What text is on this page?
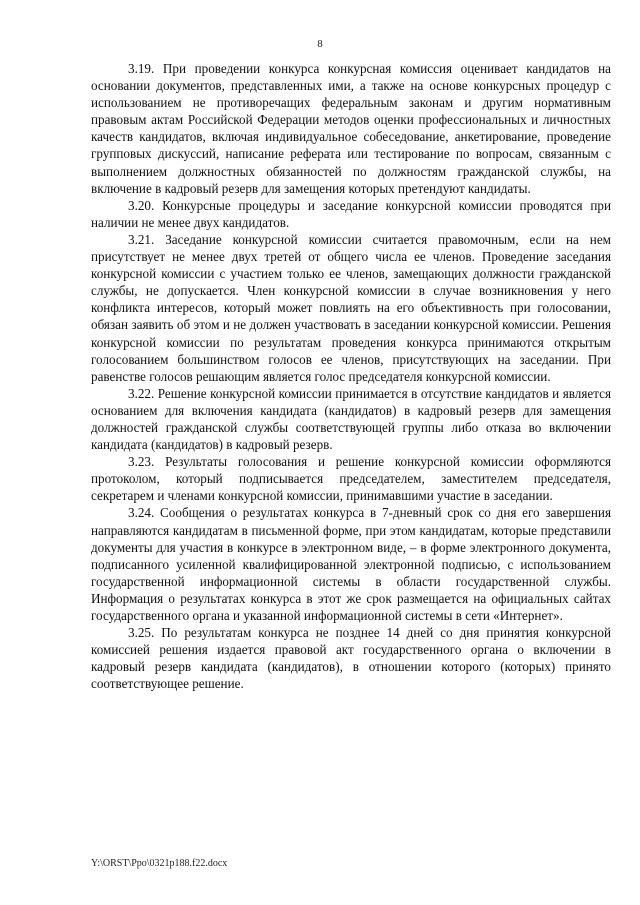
8

3.19. При проведении конкурса конкурсная комиссия оценивает кандидатов на основании документов, представленных ими, а также на основе конкурсных процедур с использованием не противоречащих федеральным законам и другим нормативным правовым актам Российской Федерации методов оценки профессиональных и личностных качеств кандидатов, включая индивидуальное собеседование, анкетирование, проведение групповых дискуссий, написание реферата или тестирование по вопросам, связанным с выполнением должностных обязанностей по должностям гражданской службы, на включение в кадровый резерв для замещения которых претендуют кандидаты.

3.20. Конкурсные процедуры и заседание конкурсной комиссии проводятся при наличии не менее двух кандидатов.

3.21. Заседание конкурсной комиссии считается правомочным, если на нем присутствует не менее двух третей от общего числа ее членов. Проведение заседания конкурсной комиссии с участием только ее членов, замещающих должности гражданской службы, не допускается. Член конкурсной комиссии в случае возникновения у него конфликта интересов, который может повлиять на его объективность при голосовании, обязан заявить об этом и не должен участвовать в заседании конкурсной комиссии. Решения конкурсной комиссии по результатам проведения конкурса принимаются открытым голосованием большинством голосов ее членов, присутствующих на заседании. При равенстве голосов решающим является голос председателя конкурсной комиссии.

3.22. Решение конкурсной комиссии принимается в отсутствие кандидатов и является основанием для включения кандидата (кандидатов) в кадровый резерв для замещения должностей гражданской службы соответствующей группы либо отказа во включении кандидата (кандидатов) в кадровый резерв.

3.23. Результаты голосования и решение конкурсной комиссии оформляются протоколом, который подписывается председателем, заместителем председателя, секретарем и членами конкурсной комиссии, принимавшими участие в заседании.

3.24. Сообщения о результатах конкурса в 7-дневный срок со дня его завершения направляются кандидатам в письменной форме, при этом кандидатам, которые представили документы для участия в конкурсе в электронном виде, – в форме электронного документа, подписанного усиленной квалифицированной электронной подписью, с использованием государственной информационной системы в области государственной службы. Информация о результатах конкурса в этот же срок размещается на официальных сайтах государственного органа и указанной информационной системы в сети «Интернет».

3.25. По результатам конкурса не позднее 14 дней со дня принятия конкурсной комиссией решения издается правовой акт государственного органа о включении в кадровый резерв кандидата (кандидатов), в отношении которого (которых) принято соответствующее решение.

Y:\ORST\Ppo\0321p188.f22.docx
